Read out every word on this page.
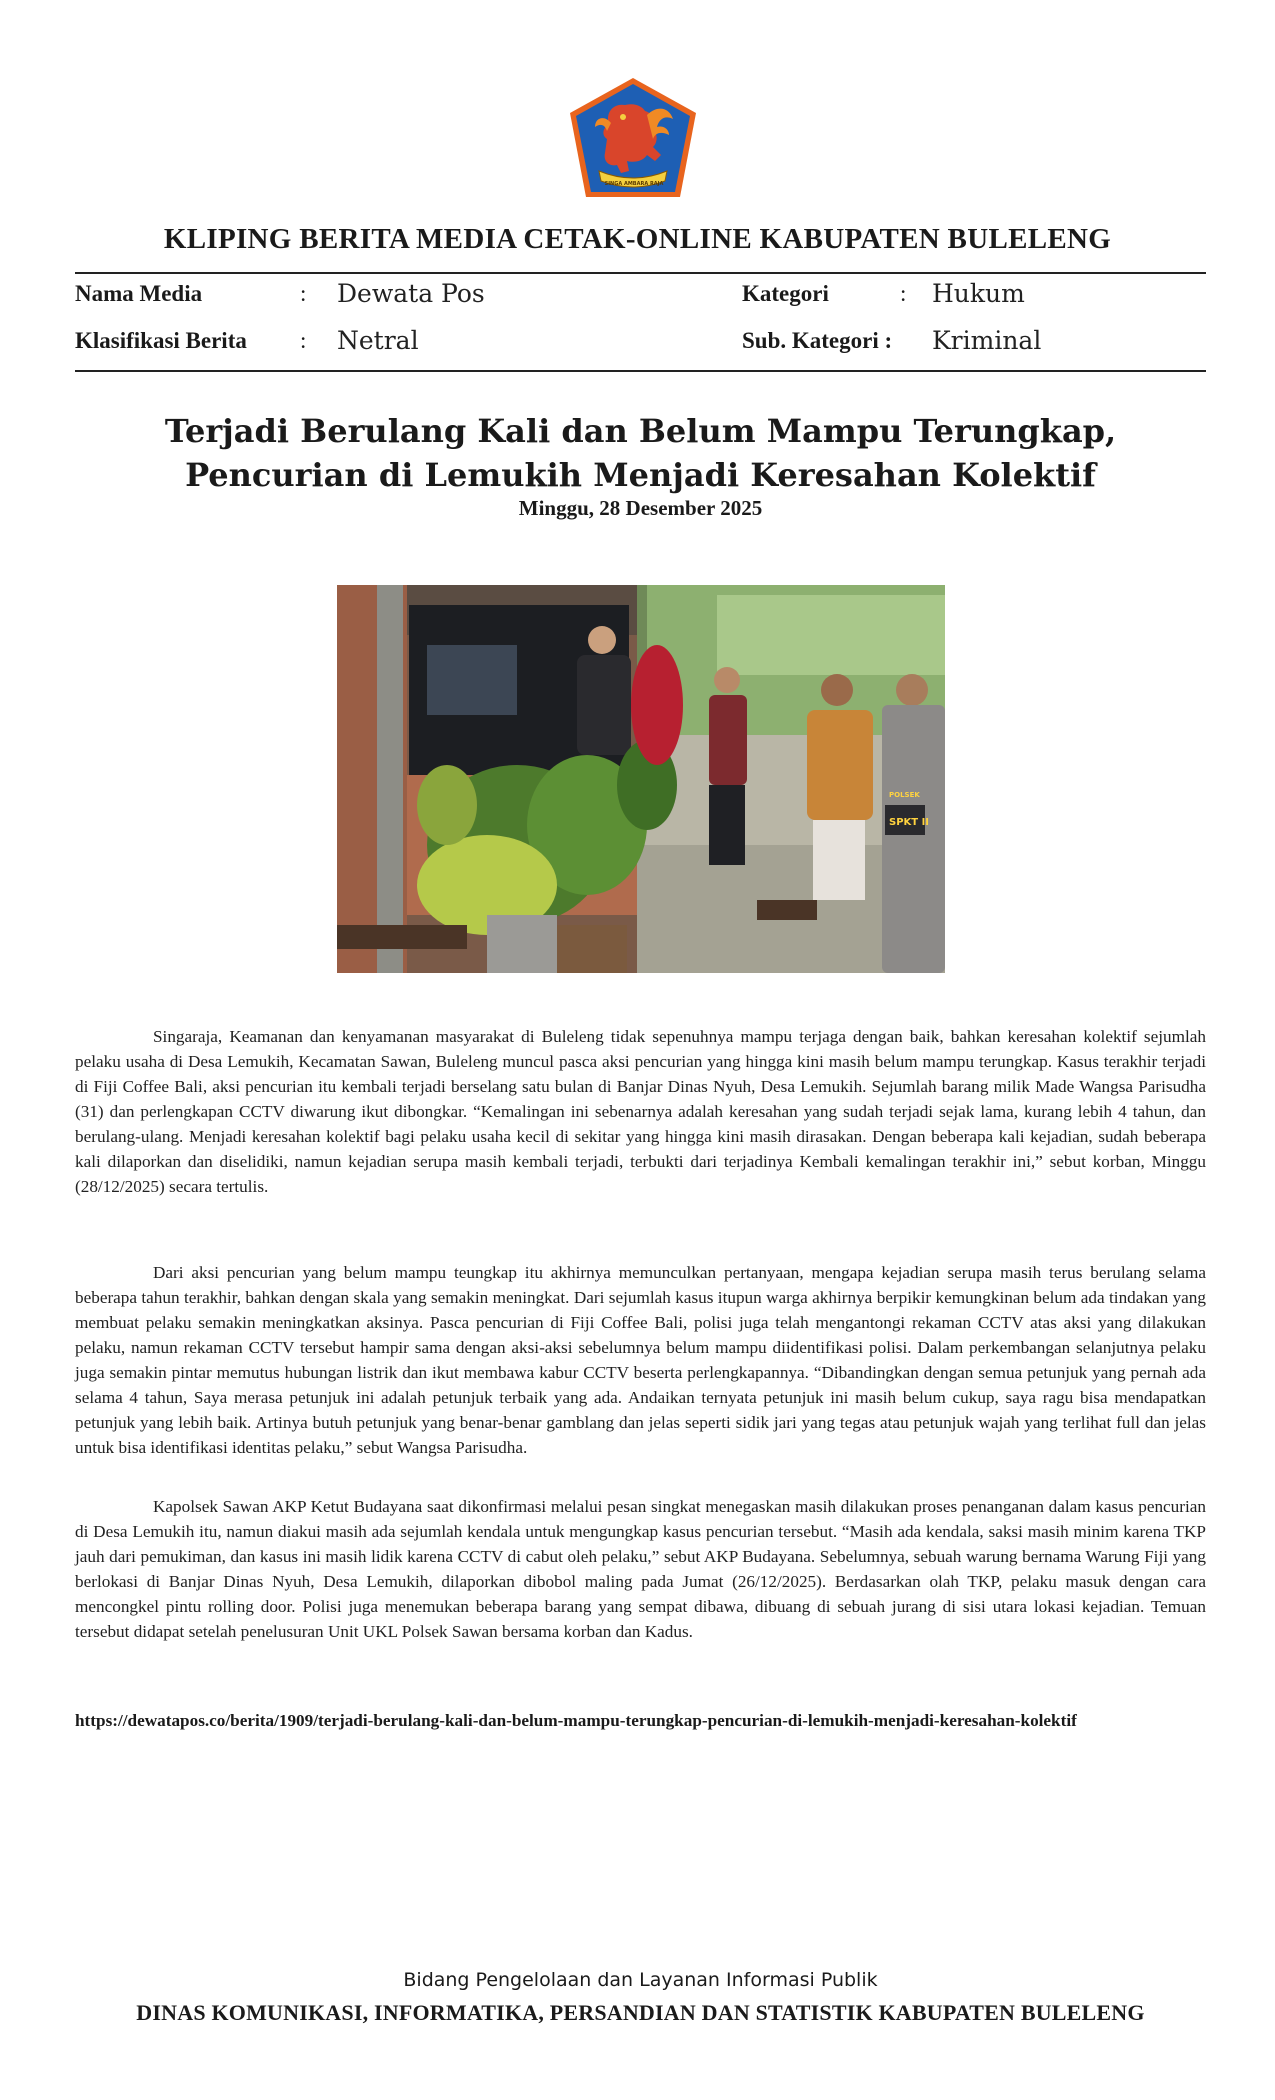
SINGA AMBARA RAJA
KLIPING BERITA MEDIA CETAK-ONLINE KABUPATEN BULELENG
Nama Media	: Dewata Pos	Kategori	: Hukum
Klasifikasi Berita : Netral	Sub. Kategori : Kriminal
Terjadi Berulang Kali dan Belum Mampu Terungkap,
Pencurian di Lemukih Menjadi Keresahan Kolektif
Minggu, 28 Desember 2025
SPKT II
POLSEK

Singaraja, Keamanan dan kenyamanan masyarakat di Buleleng tidak sepenuhnya mampu terjaga dengan baik, bahkan keresahan kolektif sejumlah pelaku usaha di Desa Lemukih, Kecamatan Sawan, Buleleng muncul pasca aksi pencurian yang hingga kini masih belum mampu terungkap. Kasus terakhir terjadi di Fiji Coffee Bali, aksi pencurian itu kembali terjadi berselang satu bulan di Banjar Dinas Nyuh, Desa Lemukih. Sejumlah barang milik Made Wangsa Parisudha (31) dan perlengkapan CCTV diwarung ikut dibongkar. “Kemalingan ini sebenarnya adalah keresahan yang sudah terjadi sejak lama, kurang lebih 4 tahun, dan berulang-ulang. Menjadi keresahan kolektif bagi pelaku usaha kecil di sekitar yang hingga kini masih dirasakan. Dengan beberapa kali kejadian, sudah beberapa kali dilaporkan dan diselidiki, namun kejadian serupa masih kembali terjadi, terbukti dari terjadinya Kembali kemalingan terakhir ini,” sebut korban, Minggu (28/12/2025) secara tertulis.

Dari aksi pencurian yang belum mampu teungkap itu akhirnya memunculkan pertanyaan, mengapa kejadian serupa masih terus berulang selama beberapa tahun terakhir, bahkan dengan skala yang semakin meningkat. Dari sejumlah kasus itupun warga akhirnya berpikir kemungkinan belum ada tindakan yang membuat pelaku semakin meningkatkan aksinya. Pasca pencurian di Fiji Coffee Bali, polisi juga telah mengantongi rekaman CCTV atas aksi yang dilakukan pelaku, namun rekaman CCTV tersebut hampir sama dengan aksi-aksi sebelumnya belum mampu diidentifikasi polisi. Dalam perkembangan selanjutnya pelaku juga semakin pintar memutus hubungan listrik dan ikut membawa kabur CCTV beserta perlengkapannya. “Dibandingkan dengan semua petunjuk yang pernah ada selama 4 tahun, Saya merasa petunjuk ini adalah petunjuk terbaik yang ada. Andaikan ternyata petunjuk ini masih belum cukup, saya ragu bisa mendapatkan petunjuk yang lebih baik. Artinya butuh petunjuk yang benar-benar gamblang dan jelas seperti sidik jari yang tegas atau petunjuk wajah yang terlihat full dan jelas untuk bisa identifikasi identitas pelaku,” sebut Wangsa Parisudha.

Kapolsek Sawan AKP Ketut Budayana saat dikonfirmasi melalui pesan singkat menegaskan masih dilakukan proses penanganan dalam kasus pencurian di Desa Lemukih itu, namun diakui masih ada sejumlah kendala untuk mengungkap kasus pencurian tersebut. “Masih ada kendala, saksi masih minim karena TKP jauh dari pemukiman, dan kasus ini masih lidik karena CCTV di cabut oleh pelaku,” sebut AKP Budayana. Sebelumnya, sebuah warung bernama Warung Fiji yang berlokasi di Banjar Dinas Nyuh, Desa Lemukih, dilaporkan dibobol maling pada Jumat (26/12/2025). Berdasarkan olah TKP, pelaku masuk dengan cara mencongkel pintu rolling door. Polisi juga menemukan beberapa barang yang sempat dibawa, dibuang di sebuah jurang di sisi utara lokasi kejadian. Temuan tersebut didapat setelah penelusuran Unit UKL Polsek Sawan bersama korban dan Kadus.

https://dewatapos.co/berita/1909/terjadi-berulang-kali-dan-belum-mampu-terungkap-pencurian-di-lemukih-menjadi-keresahan-kolektif
Bidang Pengelolaan dan Layanan Informasi Publik
DINAS KOMUNIKASI, INFORMATIKA, PERSANDIAN DAN STATISTIK KABUPATEN BULELENG
